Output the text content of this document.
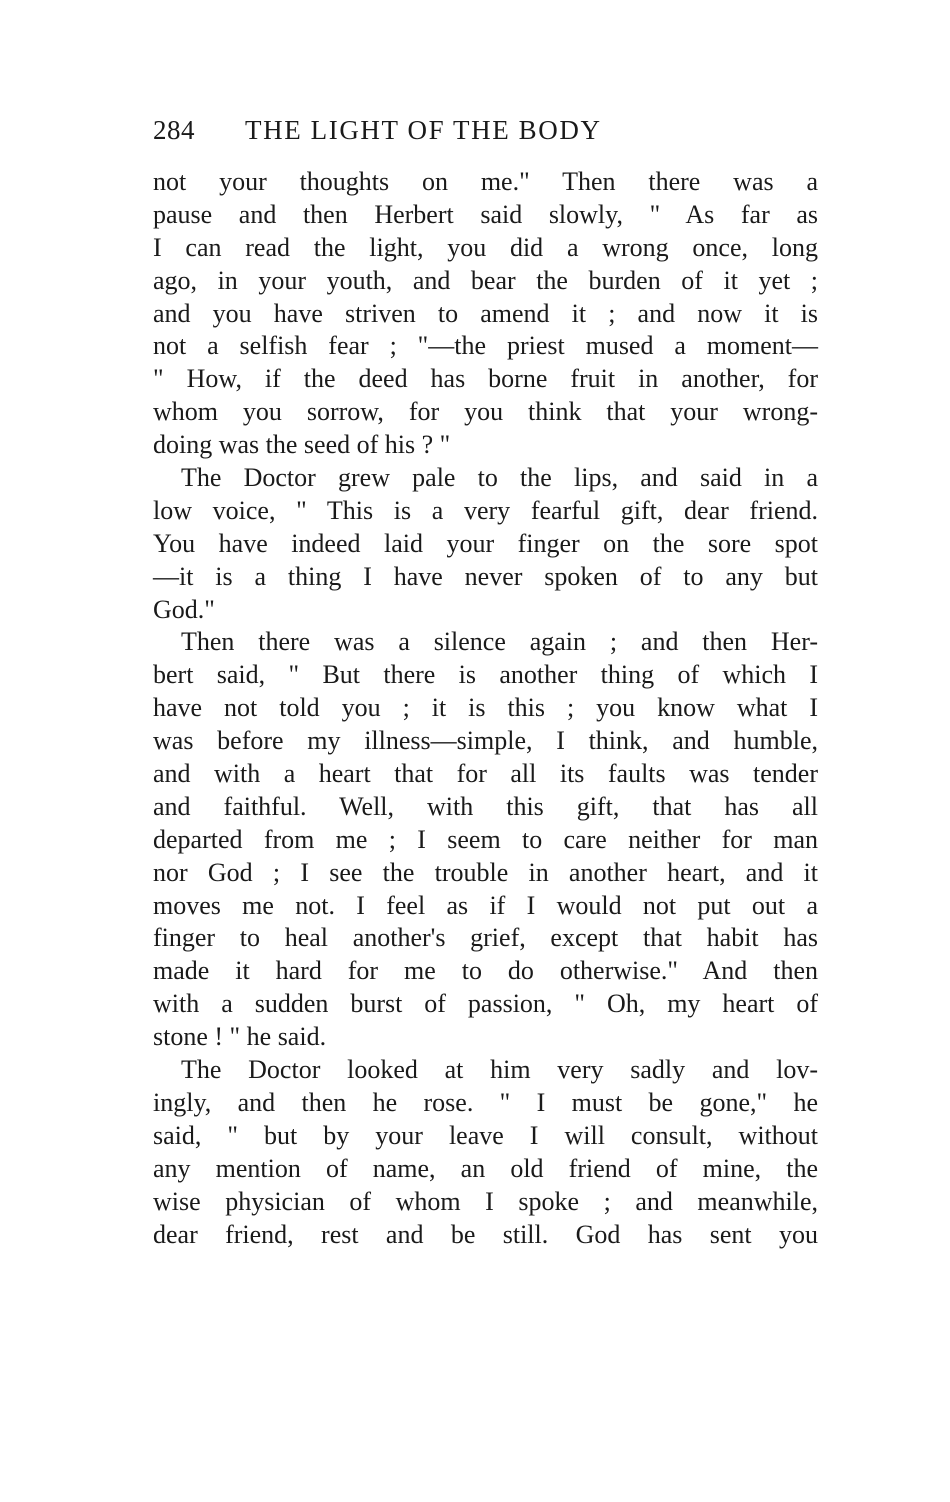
284 THE LIGHT OF THE BODY
not your thoughts on me." Then there was a
pause and then Herbert said slowly, " As far as
I can read the light, you did a wrong once, long
ago, in your youth, and bear the burden of it yet ;
and you have striven to amend it ; and now it is
not a selfish fear ; "—the priest mused a moment—
" How, if the deed has borne fruit in another, for
whom you sorrow, for you think that your wrong-
doing was the seed of his ? "
The Doctor grew pale to the lips, and said in a
low voice, " This is a very fearful gift, dear friend.
You have indeed laid your finger on the sore spot
—it is a thing I have never spoken of to any but
God."
Then there was a silence again ; and then Her-
bert said, " But there is another thing of which I
have not told you ; it is this ; you know what I
was before my illness—simple, I think, and humble,
and with a heart that for all its faults was tender
and faithful. Well, with this gift, that has all
departed from me ; I seem to care neither for man
nor God ; I see the trouble in another heart, and it
moves me not. I feel as if I would not put out a
finger to heal another's grief, except that habit has
made it hard for me to do otherwise." And then
with a sudden burst of passion, " Oh, my heart of
stone ! " he said.
The Doctor looked at him very sadly and lov-
ingly, and then he rose. " I must be gone," he
said, " but by your leave I will consult, without
any mention of name, an old friend of mine, the
wise physician of whom I spoke ; and meanwhile,
dear friend, rest and be still. God has sent you
